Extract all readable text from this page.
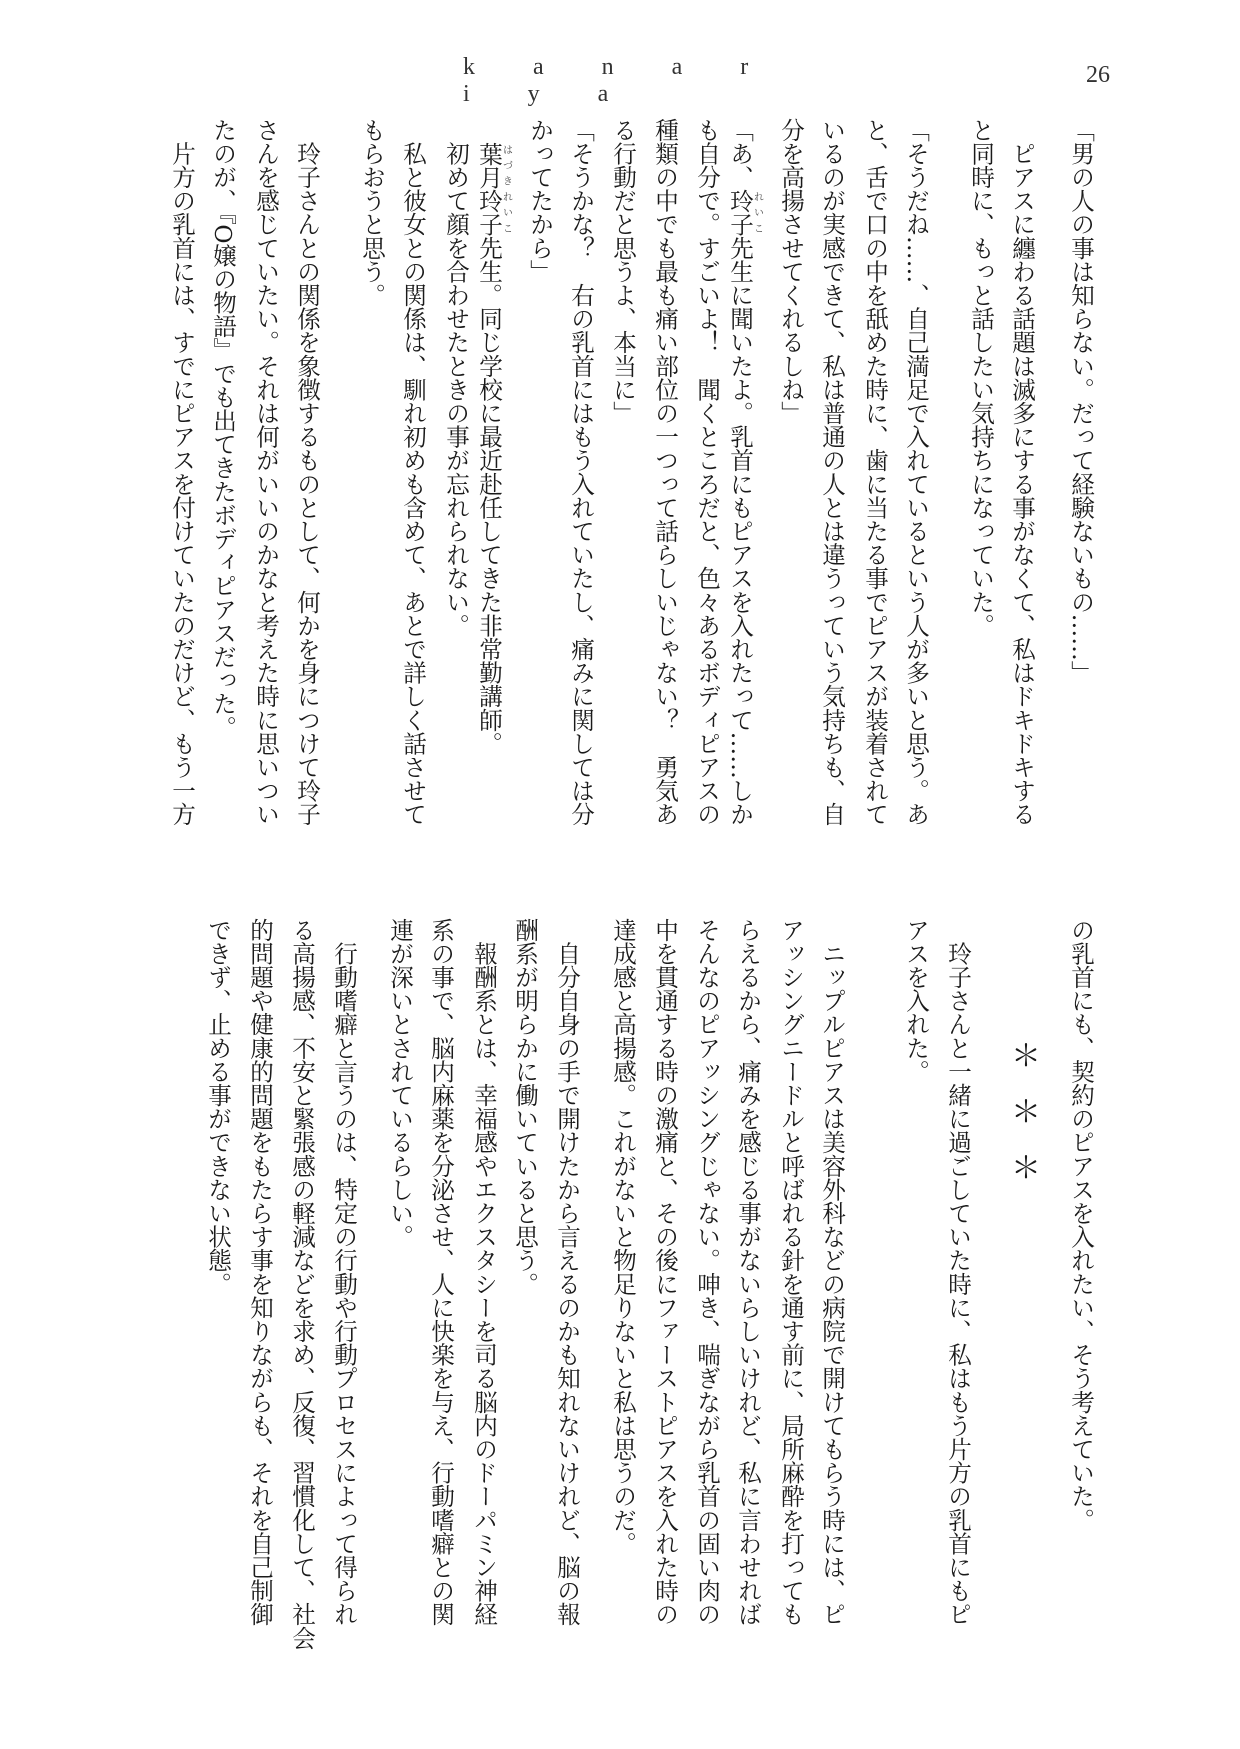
k a n a r i y a
26
「男の人の事は知らない。だって経験ないもの……」
　ピアスに纏わる話題は滅多にする事がなくて、私はドキドキする
と同時に、もっと話したい気持ちになっていた。
「そうだね……、自己満足で入れているという人が多いと思う。あ
と、舌で口の中を舐めた時に、歯に当たる事でピアスが装着されて
いるのが実感できて、私は普通の人とは違うっていう気持ちも、自
分を高揚させてくれるしね」
「あ、玲子れいこ先生に聞いたよ。乳首にもピアスを入れたって……しか
も自分で。すごいよ！　聞くところだと、色々あるボディピアスの
種類の中でも最も痛い部位の一つって話らしいじゃない？　勇気あ
る行動だと思うよ、本当に」
「そうかな？　右の乳首にはもう入れていたし、痛みに関しては分
かってたから」
　葉月玲子はづきれいこ先生。同じ学校に最近赴任してきた非常勤講師。
　初めて顔を合わせたときの事が忘れられない。
　私と彼女との関係は、馴れ初めも含めて、あとで詳しく話させて
もらおうと思う。
　玲子さんとの関係を象徴するものとして、何かを身につけて玲子
さんを感じていたい。それは何がいいのかなと考えた時に思いつい
たのが、『O嬢の物語』でも出てきたボディピアスだった。
　片方の乳首には、すでにピアスを付けていたのだけど、もう一方
の乳首にも、契約のピアスを入れたい、そう考えていた。
　　＊＊＊
　玲子さんと一緒に過ごしていた時に、私はもう片方の乳首にもピ
アスを入れた。
　ニップルピアスは美容外科などの病院で開けてもらう時には、ピ
アッシングニードルと呼ばれる針を通す前に、局所麻酔を打っても
らえるから、痛みを感じる事がないらしいけれど、私に言わせれば
そんなのピアッシングじゃない。呻き、喘ぎながら乳首の固い肉の
中を貫通する時の激痛と、その後にファーストピアスを入れた時の
達成感と高揚感。これがないと物足りないと私は思うのだ。
　自分自身の手で開けたから言えるのかも知れないけれど、脳の報
酬系が明らかに働いていると思う。
　報酬系とは、幸福感やエクスタシーを司る脳内のドーパミン神経
系の事で、脳内麻薬を分泌させ、人に快楽を与え、行動嗜癖との関
連が深いとされているらしい。
　行動嗜癖と言うのは、特定の行動や行動プロセスによって得られ
る高揚感、不安と緊張感の軽減などを求め、反復、習慣化して、社会
的問題や健康的問題をもたらす事を知りながらも、それを自己制御
できず、止める事ができない状態。
